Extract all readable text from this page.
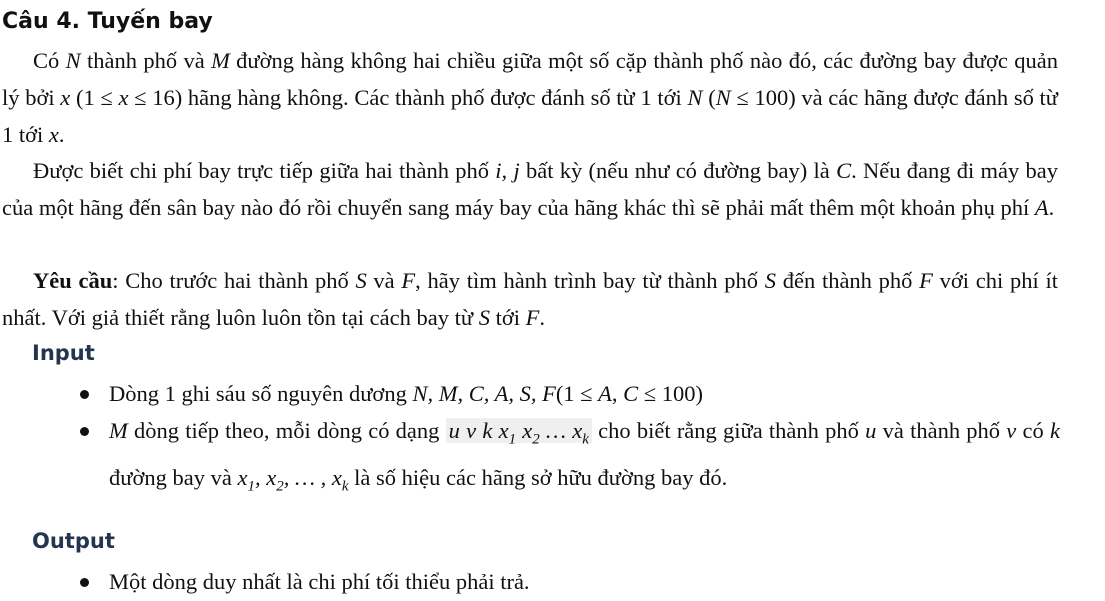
Câu 4. Tuyến bay

Có N thành phố và M đường hàng không hai chiều giữa một số cặp thành phố nào đó, các đường bay được quản lý bởi x (1 ≤ x ≤ 16) hãng hàng không. Các thành phố được đánh số từ 1 tới N (N ≤ 100) và các hãng được đánh số từ 1 tới x.

Được biết chi phí bay trực tiếp giữa hai thành phố i, j bất kỳ (nếu như có đường bay) là C. Nếu đang đi máy bay của một hãng đến sân bay nào đó rồi chuyển sang máy bay của hãng khác thì sẽ phải mất thêm một khoản phụ phí A.

Yêu cầu: Cho trước hai thành phố S và F, hãy tìm hành trình bay từ thành phố S đến thành phố F với chi phí ít nhất. Với giả thiết rằng luôn luôn tồn tại cách bay từ S tới F.

Input
Dòng 1 ghi sáu số nguyên dương N, M, C, A, S, F(1 ≤ A, C ≤ 100)
M dòng tiếp theo, mỗi dòng có dạng u v k $x_1$ $x_2$ … $x_k$ cho biết rằng giữa thành phố u và thành phố v có k đường bay và $x_1$, $x_2$, … , $x_k$ là số hiệu các hãng sở hữu đường bay đó.
Output
Một dòng duy nhất là chi phí tối thiểu phải trả.
